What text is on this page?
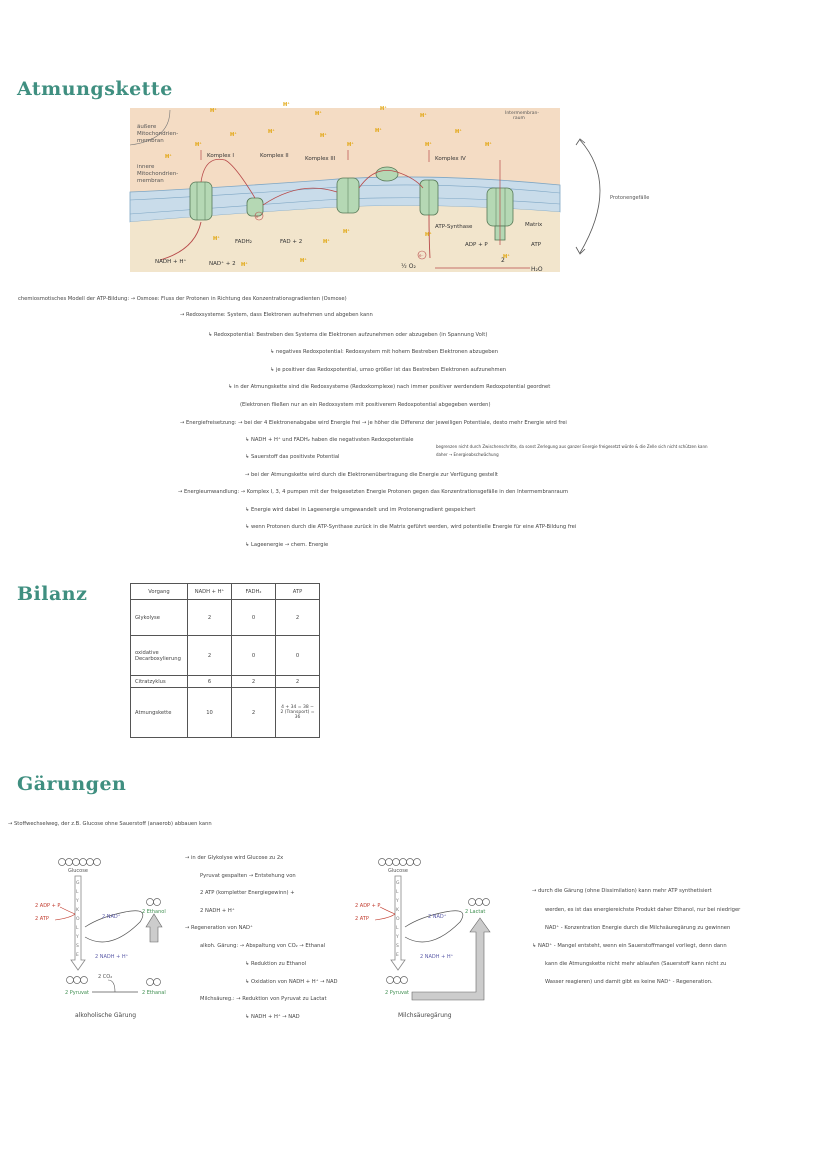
Atmungskette
Bilanz
Gärungen
e⁻
e⁻
äußere
Mitochondrien-
membran
innere
Mitochondrien-
membran
Intermembran-
raum
Komplex I	Komplex II	Komplex III	Komplex IV
ATP-Synthase	Matrix
FADH₂	FAD + 2
NADH + H⁺	NAD⁺ + 2
ADP + P	ATP
½ O₂
2
H₂O
H⁺
H⁺
H⁺
H⁺
H⁺
H⁺	H⁺
H⁺
H⁺
H⁺
H⁺
H⁺	H⁺	H⁺	H⁺
H⁺
H⁺
H⁺
H⁺
H⁺
H⁺
H⁺
Protonengefälle
chemiosmotisches Modell der ATP-Bildung: → Osmose: Fluss der Protonen in Richtung des Konzentrationsgradienten (Osmose)
→ Redoxsysteme: System, dass Elektronen aufnehmen und abgeben kann
↳ Redoxpotential: Bestreben des Systems die Elektronen aufzunehmen oder abzugeben (in Spannung Volt)
↳ negatives Redoxpotential: Redoxsystem mit hohem Bestreben Elektronen abzugeben
↳ je positiver das Redoxpotential, umso größer ist das Bestreben Elektronen aufzunehmen
↳ in der Atmungskette sind die Redoxsysteme (Redoxkomplexe) nach immer positiver werdendem Redoxpotential geordnet
(Elektronen fließen nur an ein Redoxsystem mit positiverem Redoxpotential abgegeben werden)
→ Energiefreisetzung: → bei der 4 Elektronenabgabe wird Energie frei → je höher die Differenz der jeweiligen Potentiale, desto mehr Energie wird frei
↳ NADH + H⁺ und FADH₂ haben die negativsten Redoxpotentiale
↳ Sauerstoff das positivste Potential
begrenzen nicht durch Zwischenschritte, da sonst Zerlegung aus ganzer Energie freigesetzt würde & die Zelle sich nicht schützen kann
daher → Energieabschwächung
→ bei der Atmungskette wird durch die Elektronenübertragung die Energie zur Verfügung gestellt
→ Energieumwandlung: → Komplex I, 3, 4 pumpen mit der freigesetzten Energie Protonen gegen das Konzentrationsgefälle in den Intermembranraum
↳ Energie wird dabei in Lageenergie umgewandelt und im Protonengradient gespeichert
↳ wenn Protonen durch die ATP-Synthase zurück in die Matrix geführt werden, wird potentielle Energie für eine ATP-Bildung frei
↳ Lageenergie → chem. Energie
Vorgang	NADH + H⁺	FADH₂	ATP
Glykolyse	2	0	2
oxidative Decarboxylierung	2	0	0
Citratzyklus	6	2	2
Atmungskette	10	2	4 + 34 = 38 − 2 (Transport) = 36
→ Stoffwechselweg, der z.B. Glucose ohne Sauerstoff (anaerob) abbauen kann
Glucose
G
L
Y
K
O
L
Y
S
E
2 ADP + P
2 ATP	2 NAD⁺
2 NADH + H⁺
2 Ethanol
2 Pyruvat	2 Ethanal
2 CO₂
alkoholische Gärung
→ in der Glykolyse wird Glucose zu 2x
Pyruvat gespalten → Entstehung von
2 ATP (kompletter Energiegewinn) +
2 NADH + H⁺
→ Regeneration von NAD⁺
alkoh. Gärung: → Abspaltung von CO₂ → Ethanal
↳ Reduktion zu Ethanol
↳ Oxidation von NADH + H⁺ → NAD
Milchsäureg.: → Reduktion von Pyruvat zu Lactat
↳ NADH + H⁺ → NAD
Glucose
G
L
Y
K
O
L
Y
S
E
2 ADP + P
2 ATP	2 NAD⁺
2 NADH + H⁺
2 Lactat
2 Pyruvat
Milchsäuregärung
→ durch die Gärung (ohne Dissimilation) kann mehr ATP synthetisiert
werden, es ist das energiereichste Produkt daher Ethanol, nur bei niedriger
NAD⁺ - Konzentration Energie durch die Milchsäuregärung zu gewinnen
↳ NAD⁺ - Mangel entsteht, wenn ein Sauerstoffmangel vorliegt, denn dann
kann die Atmungskette nicht mehr ablaufen (Sauerstoff kann nicht zu
Wasser reagieren) und damit gibt es keine NAD⁺ - Regeneration.
